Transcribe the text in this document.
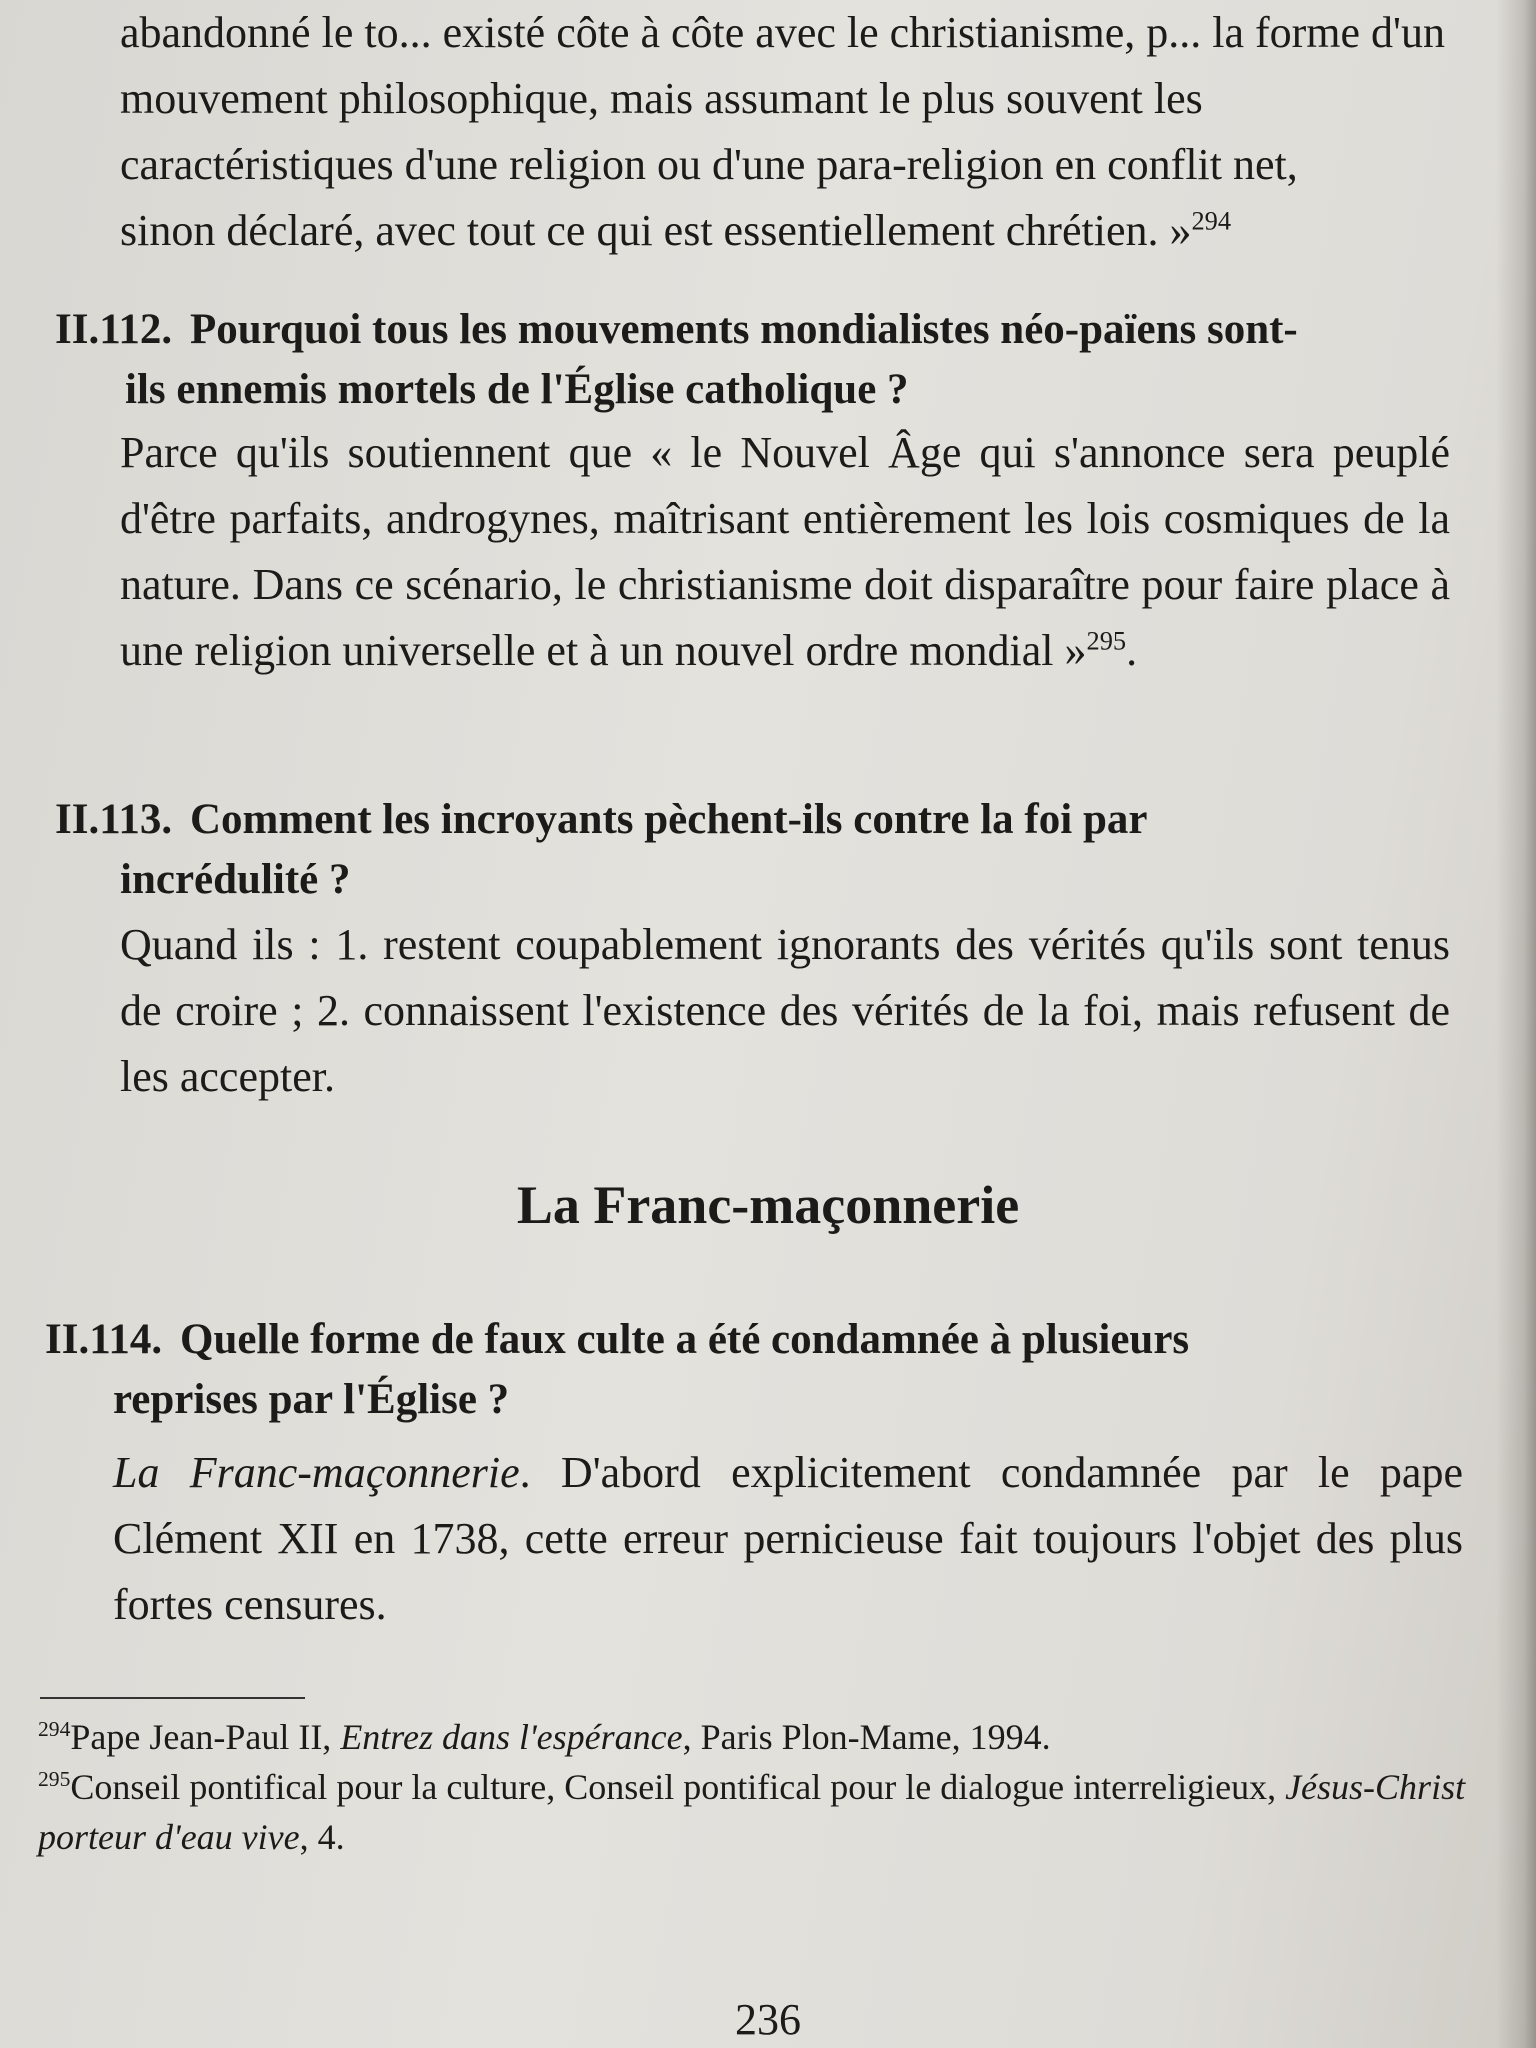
abandonné le to... existé côte à côte avec le christianisme, p... la forme d'un

mouvement philosophique, mais assumant le plus souvent les

caractéristiques d'une religion ou d'une para-religion en conflit net,

sinon déclaré, avec tout ce qui est essentiellement chrétien. »$^{294}$

II.112. Pourquoi tous les mouvements mondialistes néo-païens sont-
ils ennemis mortels de l'Église catholique ?

Parce qu'ils soutiennent que « le Nouvel Âge qui s'annonce sera peuplé d'être parfaits, androgynes, maîtrisant entièrement les lois cosmiques de la nature. Dans ce scénario, le christianisme doit disparaître pour faire place à une religion universelle et à un nouvel ordre mondial »$^{295}$.

II.113. Comment les incroyants pèchent-ils contre la foi par
incrédulité ?

Quand ils : 1. restent coupablement ignorants des vérités qu'ils sont tenus de croire ; 2. connaissent l'existence des vérités de la foi, mais refusent de les accepter.

La Franc-maçonnerie
II.114. Quelle forme de faux culte a été condamnée à plusieurs
reprises par l'Église ?

La Franc-maçonnerie. D'abord explicitement condamnée par le pape Clément XII en 1738, cette erreur pernicieuse fait toujours l'objet des plus fortes censures.

$^{294}$Pape Jean-Paul II, Entrez dans l'espérance, Paris Plon-Mame, 1994.

$^{295}$Conseil pontifical pour la culture, Conseil pontifical pour le dialogue interreligieux, Jésus-Christ porteur d'eau vive, 4.

236
